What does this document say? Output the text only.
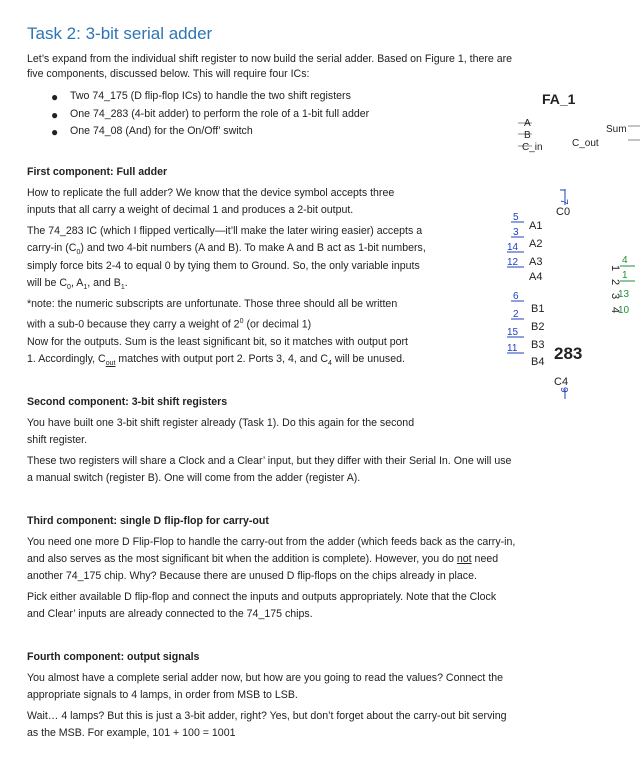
Task 2: 3-bit serial adder
Let’s expand from the individual shift register to now build the serial adder. Based on Figure 1, there are
five components, discussed below. This will require four ICs:
● Two 74_175 (D flip-flop ICs) to handle the two shift registers
● One 74_283 (4-bit adder) to perform the role of a 1-bit full adder
● One 74_08 (And) for the On/Off’ switch
FA_1
A
B
C_in
Sum
C_out
7
C0
5
A1
3
A2
14
A3
12
A4
6
B1
2
B2
15
B3
11
B4 283
1
2
3
4
4
1
13
10
C4
9
First component: Full adder
How to replicate the full adder? We know that the device symbol accepts three
inputs that all carry a weight of decimal 1 and produces a 2-bit output.
The 74_283 IC (which I flipped vertically—it’ll make the later wiring easier) accepts a
carry-in $(C_0)$ and two 4-bit numbers (A and B). To make A and B act as 1-bit numbers,
simply force bits 2-4 to equal 0 by tying them to Ground. So, the only variable inputs
will be $C_0$, $A_1$, and $B_1$.
*note: the numeric subscripts are unfortunate. Those three should all be written
with a sub-0 because they carry a weight of $2^0$ (or decimal 1)
Now for the outputs. Sum is the least significant bit, so it matches with output port
1. Accordingly, $C_{out}$ matches with output port 2. Ports 3, 4, and $C_4$ will be unused.
Second component: 3-bit shift registers
You have built one 3-bit shift register already (Task 1). Do this again for the second
shift register.
These two registers will share a Clock and a Clear’ input, but they differ with their Serial In. One will use
a manual switch (register B). One will come from the adder (register A).
Third component: single D flip-flop for carry-out
You need one more D Flip-Flop to handle the carry-out from the adder (which feeds back as the carry-in,
and also serves as the most significant bit when the addition is complete). However, you do not need
another 74_175 chip. Why? Because there are unused D flip-flops on the chips already in place.
Pick either available D flip-flop and connect the inputs and outputs appropriately. Note that the Clock
and Clear’ inputs are already connected to the 74_175 chips.
Fourth component: output signals
You almost have a complete serial adder now, but how are you going to read the values? Connect the
appropriate signals to 4 lamps, in order from MSB to LSB.
Wait… 4 lamps? But this is just a 3-bit adder, right? Yes, but don’t forget about the carry-out bit serving
as the MSB. For example, 101 + 100 = 1001
